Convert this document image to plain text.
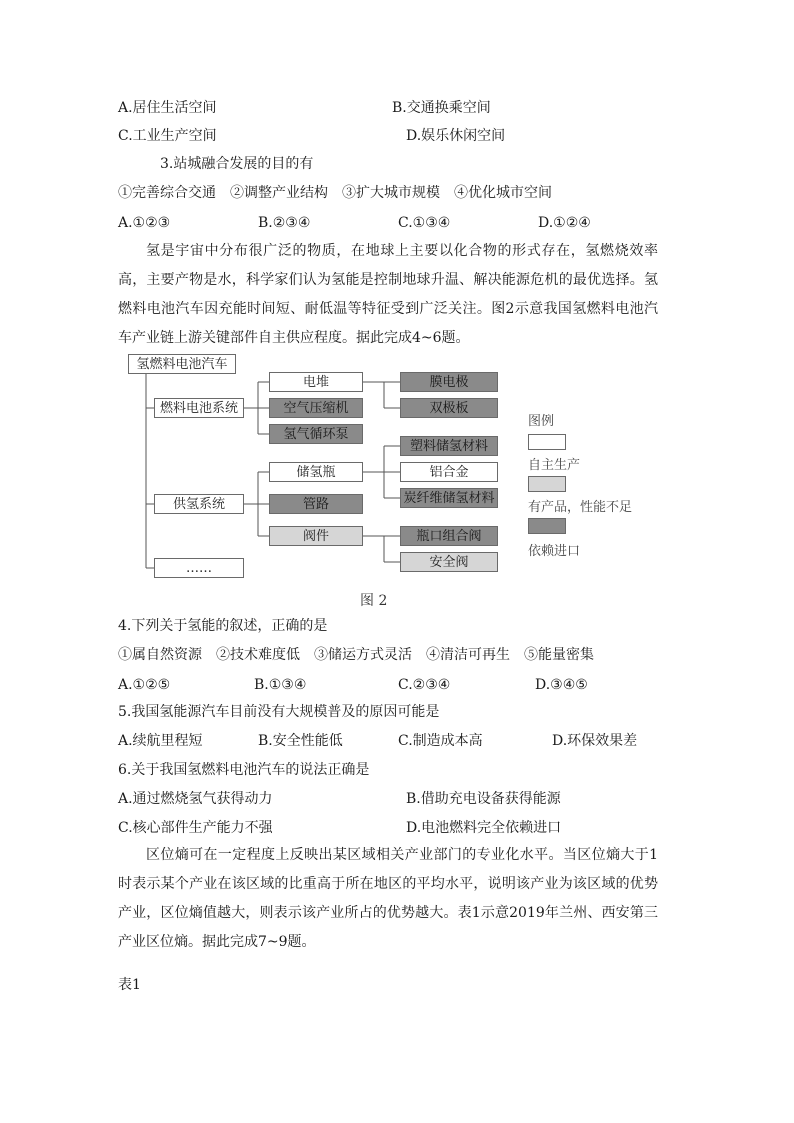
A.居住生活空间	B.交通换乘空间
C.工业生产空间	D.娱乐休闲空间
3.站城融合发展的目的有
①完善综合交通　②调整产业结构　③扩大城市规模　④优化城市空间
A.①②③	B.②③④	C.①③④	D.①②④
氢是宇宙中分布很广泛的物质，在地球上主要以化合物的形式存在，氢燃烧效率高，主要产物是水，科学家们认为氢能是控制地球升温、解决能源危机的最优选择。氢燃料电池汽车因充能时间短、耐低温等特征受到广泛关注。图2示意我国氢燃料电池汽车产业链上游关键部件自主供应程度。据此完成4~6题。
氢燃料电池汽车
燃料电池系统
供氢系统
……
电堆
空气压缩机
氢气循环泵
膜电极
双极板
储氢瓶
管路
阀件
塑料储氢材料
铝合金
炭纤维储氢材料
瓶口组合阀
安全阀
图例
自主生产
有产品，性能不足
依赖进口
图 2
4.下列关于氢能的叙述，正确的是
①属自然资源　②技术难度低　③储运方式灵活　④清洁可再生　⑤能量密集
A.①②⑤	B.①③④	C.②③④	D.③④⑤
5.我国氢能源汽车目前没有大规模普及的原因可能是
A.续航里程短	B.安全性能低	C.制造成本高	D.环保效果差
6.关于我国氢燃料电池汽车的说法正确是
A.通过燃烧氢气获得动力	B.借助充电设备获得能源
C.核心部件生产能力不强	D.电池燃料完全依赖进口
区位熵可在一定程度上反映出某区域相关产业部门的专业化水平。当区位熵大于1时表示某个产业在该区域的比重高于所在地区的平均水平，说明该产业为该区域的优势产业，区位熵值越大，则表示该产业所占的优势越大。表1示意2019年兰州、西安第三产业区位熵。据此完成7~9题。
表1
